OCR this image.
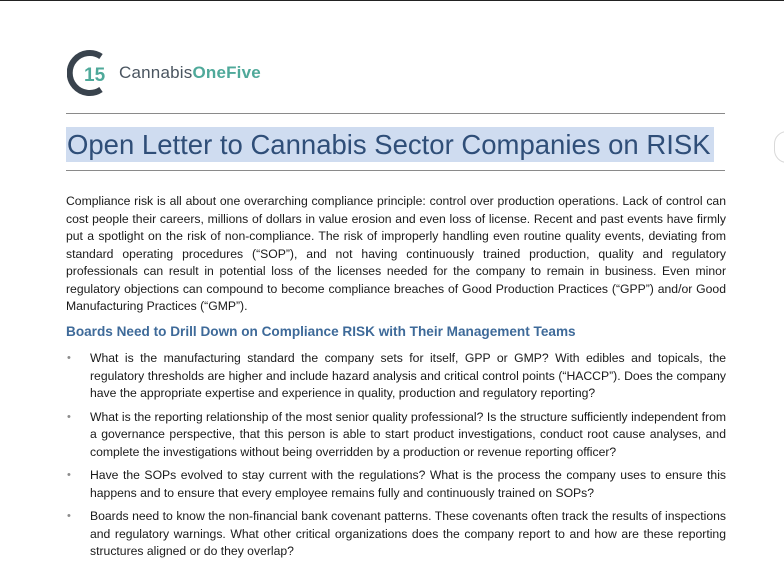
15 CannabisOneFive
Open Letter to Cannabis Sector Companies on RISK

Compliance risk is all about one overarching compliance principle: control over production operations. Lack of control can cost people their careers, millions of dollars in value erosion and even loss of license. Recent and past events have firmly put a spotlight on the risk of non-compliance. The risk of improperly handling even routine quality events, deviating from standard operating procedures (“SOP”), and not having continuously trained production, quality and regulatory professionals can result in potential loss of the licenses needed for the company to remain in business. Even minor regulatory objections can compound to become compliance breaches of Good Production Practices (“GPP”) and/or Good Manufacturing Practices (“GMP”).

Boards Need to Drill Down on Compliance RISK with Their Management Teams
• What is the manufacturing standard the company sets for itself, GPP or GMP? With edibles and topicals, the regulatory thresholds are higher and include hazard analysis and critical control points (“HACCP”). Does the company have the appropriate expertise and experience in quality, production and regulatory reporting?
• What is the reporting relationship of the most senior quality professional? Is the structure sufficiently independent from a governance perspective, that this person is able to start product investigations, conduct root cause analyses, and complete the investigations without being overridden by a production or revenue reporting officer?
• Have the SOPs evolved to stay current with the regulations? What is the process the company uses to ensure this happens and to ensure that every employee remains fully and continuously trained on SOPs?
• Boards need to know the non-financial bank covenant patterns. These covenants often track the results of inspections and regulatory warnings. What other critical organizations does the company report to and how are these reporting structures aligned or do they overlap?
